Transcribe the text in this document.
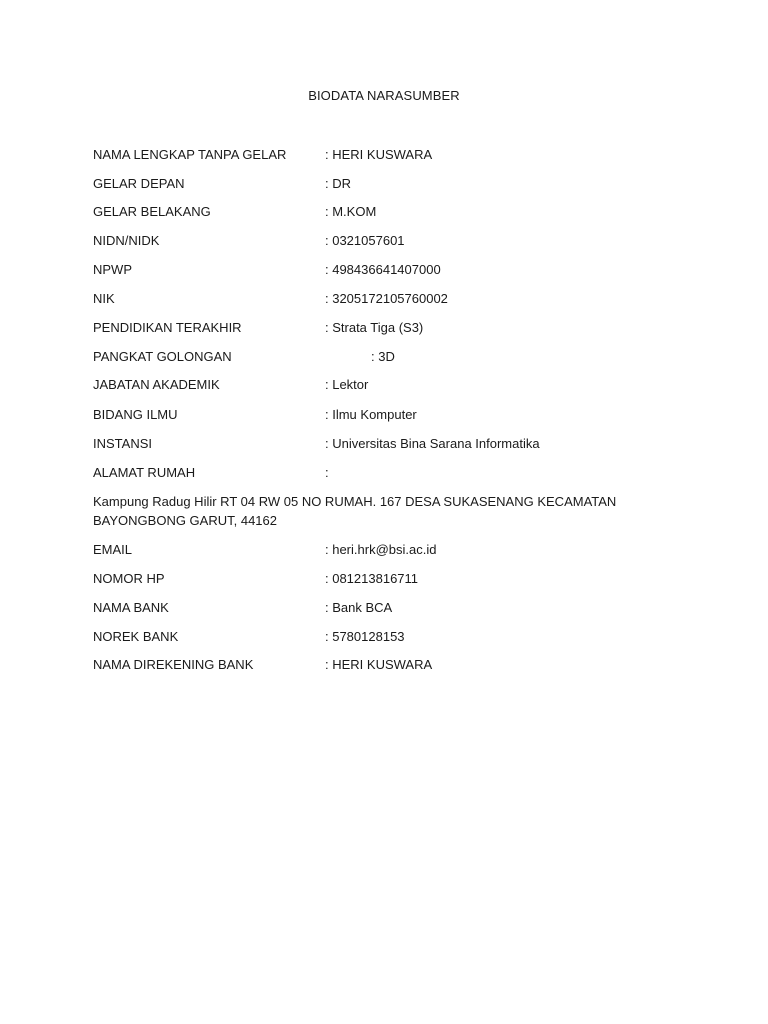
BIODATA NARASUMBER
NAMA LENGKAP TANPA GELAR	: HERI KUSWARA
GELAR DEPAN	: DR
GELAR BELAKANG	: M.KOM
NIDN/NIDK	: 0321057601
NPWP	: 498436641407000
NIK	: 3205172105760002
PENDIDIKAN TERAKHIR	: Strata Tiga (S3)
PANGKAT GOLONGAN	: 3D
JABATAN AKADEMIK	: Lektor
BIDANG ILMU	: Ilmu Komputer
INSTANSI	: Universitas Bina Sarana Informatika
ALAMAT RUMAH	:
Kampung Radug Hilir RT 04 RW 05 NO RUMAH. 167 DESA SUKASENANG KECAMATAN BAYONGBONG GARUT, 44162
EMAIL	: heri.hrk@bsi.ac.id
NOMOR HP	: 081213816711
NAMA BANK	: Bank BCA
NOREK BANK	: 5780128153
NAMA DIREKENING BANK	: HERI KUSWARA
